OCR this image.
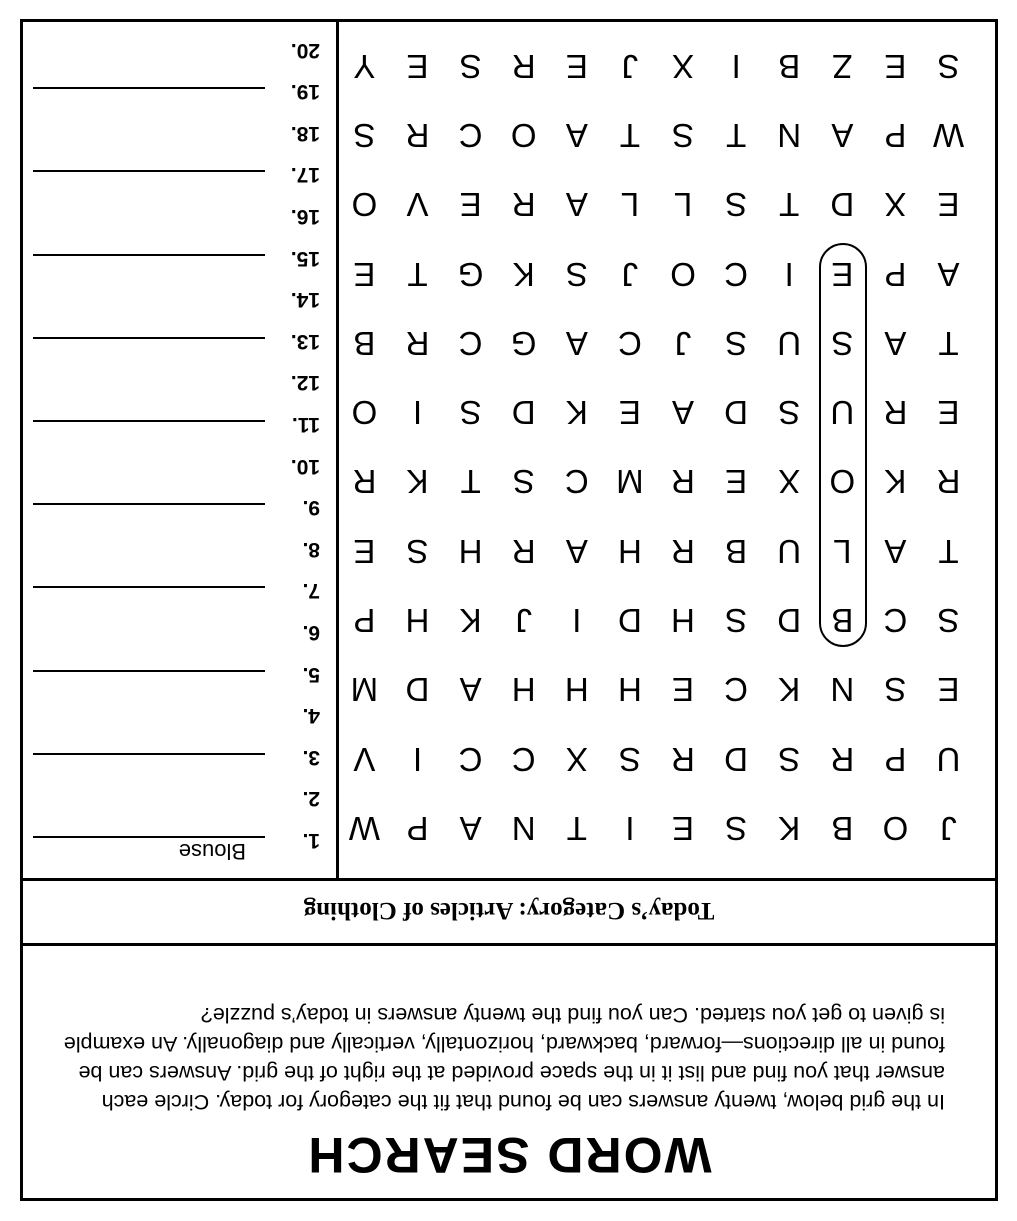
WORD SEARCH
In the grid below, twenty answers can be found that fit the category for today. Circle each answer that you find and list it in the space provided at the right of the grid. Answers can be found in all directions—forward, backward, horizontally, vertically and diagonally. An example is given to get you started. Can you find the twenty answers in today’s puzzle?
Today’s Category: Articles of Clothing
J
O
B
K
S
E
I
T
N
A
P
W
U
P
R
S
D
R
S
X
C
C
I
V
E
S
N
K
C
E
H
H
H
A
D
M
S
C
B
D
S
H
D
I
J
K
H
P
T
A
L
U
B
R
H
A
R
H
S
E
R
K
O
X
E
R
M
C
S
T
K
R
E
R
U
S
D
A
E
K
D
S
I
O
T
A
S
U
S
J
C
A
G
C
R
B
A
P
E
I
C
O
J
S
K
G
T
E
E
X
D
T
S
L
L
A
R
E
V
O
W
P
A
N
T
S
T
A
O
C
R
S
S
E
Z
B
I
X
J
E
R
S
E
Y
1.
Blouse
2.
3.
4.
5.
6.
7.
8.
9.
10.
11.
12.
13.
14.
15.
16.
17.
18.
19.
20.
